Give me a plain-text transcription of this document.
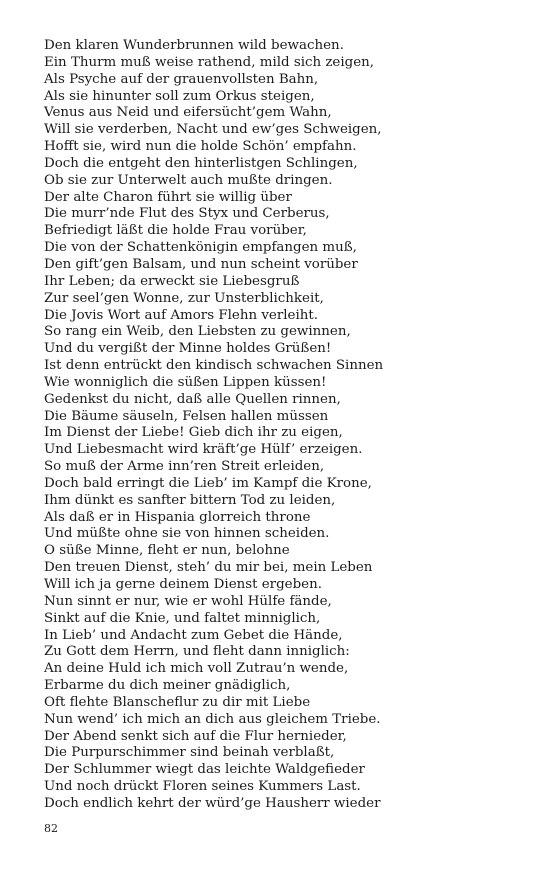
Den klaren Wunderbrunnen wild bewachen.
Ein Thurm muß weise rathend, mild sich zeigen,
Als Psyche auf der grauenvollsten Bahn,
Als sie hinunter soll zum Orkus steigen,
Venus aus Neid und eifersücht’gem Wahn,
Will sie verderben, Nacht und ew’ges Schweigen,
Hofft sie, wird nun die holde Schön’ empfahn.
Doch die entgeht den hinterlistgen Schlingen,
Ob sie zur Unterwelt auch mußte dringen.
Der alte Charon führt sie willig über
Die murr’nde Flut des Styx und Cerberus,
Befriedigt läßt die holde Frau vorüber,
Die von der Schattenkönigin empfangen muß,
Den gift’gen Balsam, und nun scheint vorüber
Ihr Leben; da erweckt sie Liebesgruß
Zur seel’gen Wonne, zur Unsterblichkeit,
Die Jovis Wort auf Amors Flehn verleiht.
So rang ein Weib, den Liebsten zu gewinnen,
Und du vergißt der Minne holdes Grüßen!
Ist denn entrückt den kindisch schwachen Sinnen
Wie wonniglich die süßen Lippen küssen!
Gedenkst du nicht, daß alle Quellen rinnen,
Die Bäume säuseln, Felsen hallen müssen
Im Dienst der Liebe! Gieb dich ihr zu eigen,
Und Liebesmacht wird kräft’ge Hülf’ erzeigen.
So muß der Arme inn’ren Streit erleiden,
Doch bald erringt die Lieb’ im Kampf die Krone,
Ihm dünkt es sanfter bittern Tod zu leiden,
Als daß er in Hispania glorreich throne
Und müßte ohne sie von hinnen scheiden.
O süße Minne, fleht er nun, belohne
Den treuen Dienst, steh’ du mir bei, mein Leben
Will ich ja gerne deinem Dienst ergeben.
Nun sinnt er nur, wie er wohl Hülfe fände,
Sinkt auf die Knie, und faltet minniglich,
In Lieb’ und Andacht zum Gebet die Hände,
Zu Gott dem Herrn, und fleht dann inniglich:
An deine Huld ich mich voll Zutrau’n wende,
Erbarme du dich meiner gnädiglich,
Oft flehte Blanscheflur zu dir mit Liebe
Nun wend’ ich mich an dich aus gleichem Triebe.
Der Abend senkt sich auf die Flur hernieder,
Die Purpurschimmer sind beinah verblaßt,
Der Schlummer wiegt das leichte Waldgefieder
Und noch drückt Floren seines Kummers Last.
Doch endlich kehrt der würd’ge Hausherr wieder
82
